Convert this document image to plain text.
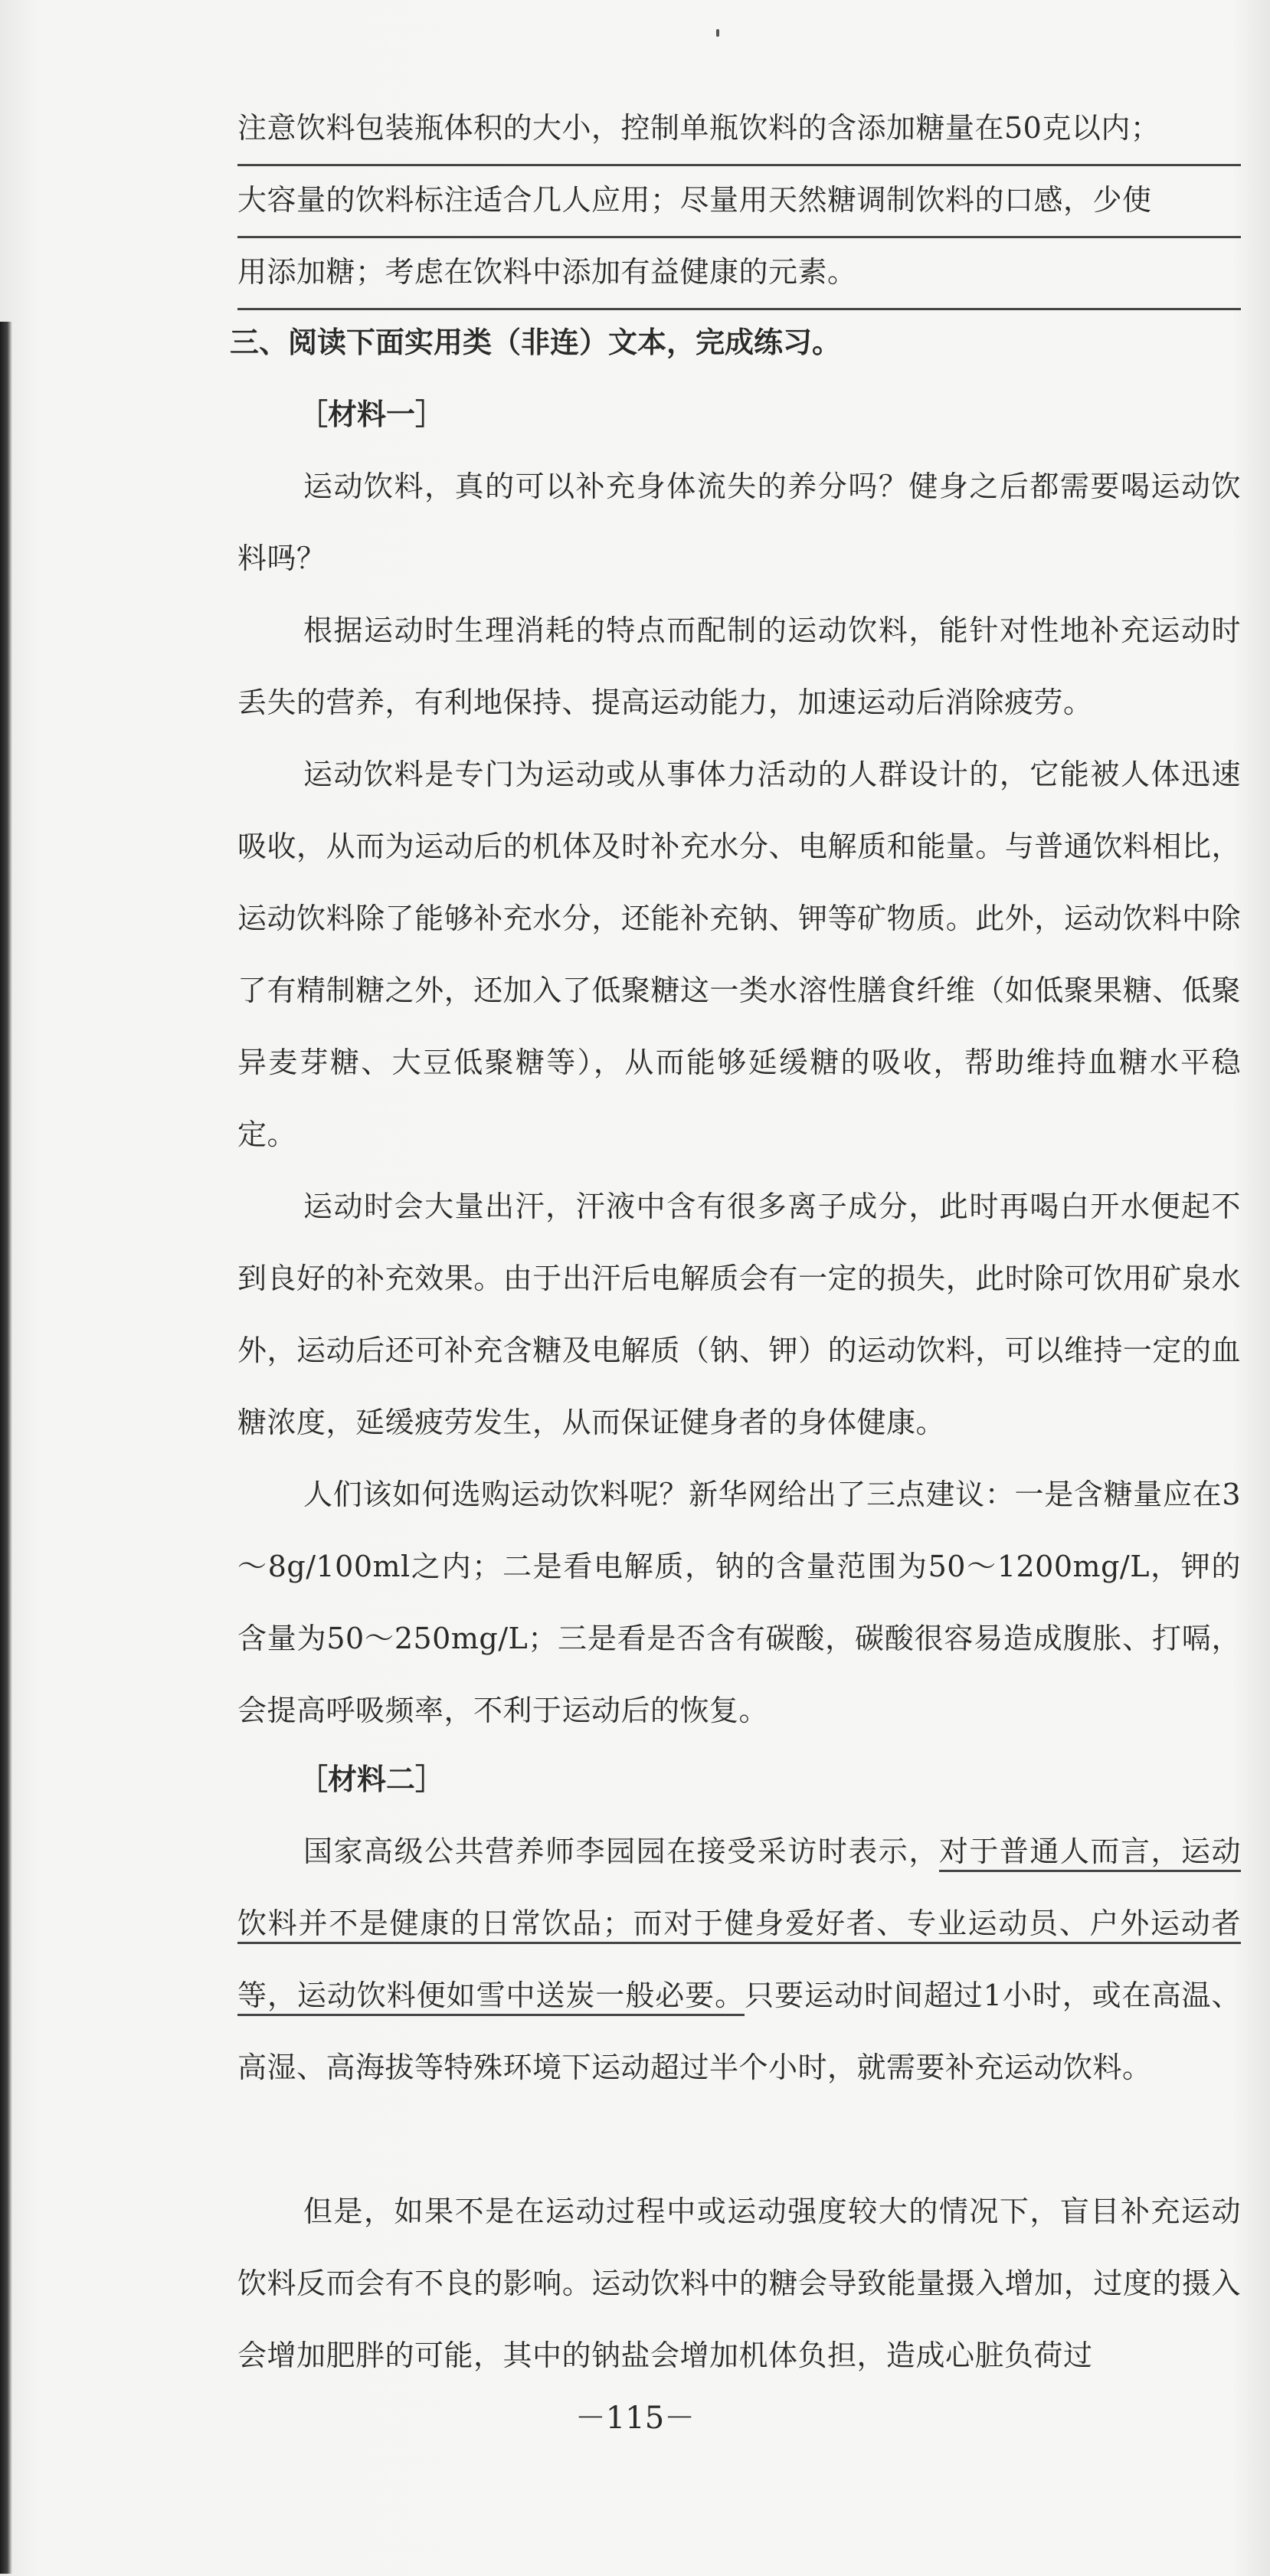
注意饮料包装瓶体积的大小，控制单瓶饮料的含添加糖量在50克以内；

大容量的饮料标注适合几人应用；尽量用天然糖调制饮料的口感，少使

用添加糖；考虑在饮料中添加有益健康的元素。

三、阅读下面实用类（非连）文本，完成练习。

［材料一］

运动饮料，真的可以补充身体流失的养分吗？健身之后都需要喝运动饮料吗？

根据运动时生理消耗的特点而配制的运动饮料，能针对性地补充运动时丢失的营养，有利地保持、提高运动能力，加速运动后消除疲劳。

运动饮料是专门为运动或从事体力活动的人群设计的，它能被人体迅速吸收，从而为运动后的机体及时补充水分、电解质和能量。与普通饮料相比，运动饮料除了能够补充水分，还能补充钠、钾等矿物质。此外，运动饮料中除了有精制糖之外，还加入了低聚糖这一类水溶性膳食纤维（如低聚果糖、低聚异麦芽糖、大豆低聚糖等），从而能够延缓糖的吸收，帮助维持血糖水平稳定。

运动时会大量出汗，汗液中含有很多离子成分，此时再喝白开水便起不到良好的补充效果。由于出汗后电解质会有一定的损失，此时除可饮用矿泉水外，运动后还可补充含糖及电解质（钠、钾）的运动饮料，可以维持一定的血糖浓度，延缓疲劳发生，从而保证健身者的身体健康。

人们该如何选购运动饮料呢？新华网给出了三点建议：一是含糖量应在3～8g/100ml之内；二是看电解质，钠的含量范围为50～1200mg/L，钾的含量为50～250mg/L；三是看是否含有碳酸，碳酸很容易造成腹胀、打嗝，会提高呼吸频率，不利于运动后的恢复。

［材料二］

国家高级公共营养师李园园在接受采访时表示，对于普通人而言，运动饮料并不是健康的日常饮品；而对于健身爱好者、专业运动员、户外运动者等，运动饮料便如雪中送炭一般必要。只要运动时间超过1小时，或在高温、高湿、高海拔等特殊环境下运动超过半个小时，就需要补充运动饮料。

但是，如果不是在运动过程中或运动强度较大的情况下，盲目补充运动饮料反而会有不良的影响。运动饮料中的糖会导致能量摄入增加，过度的摄入会增加肥胖的可能，其中的钠盐会增加机体负担，造成心脏负荷过

－115－
